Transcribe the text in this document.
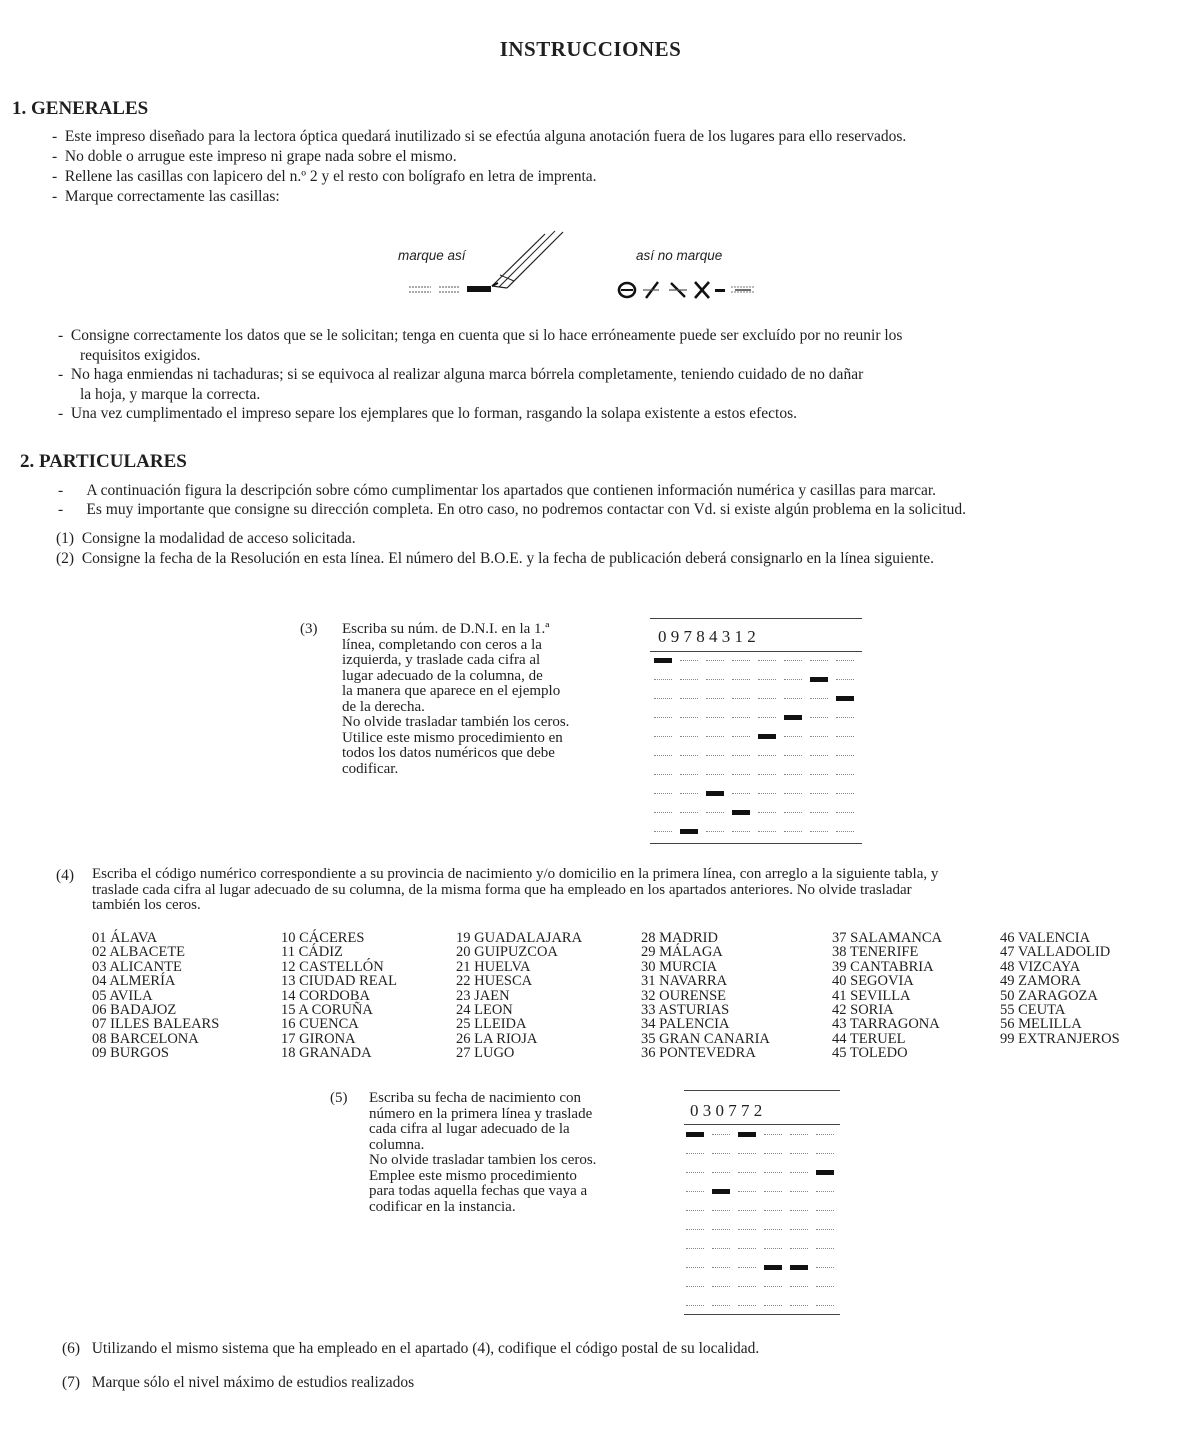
INSTRUCCIONES
1. GENERALES
-  Este impreso diseñado para la lectora óptica quedará inutilizado si se efectúa alguna anotación fuera de los lugares para ello reservados.
-  No doble o arrugue este impreso ni grape nada sobre el mismo.
-  Rellene las casillas con lapicero del n.º 2 y el resto con bolígrafo en letra de imprenta.
-  Marque correctamente las casillas:
marque así	así no marque
-  Consigne correctamente los datos que se le solicitan; tenga en cuenta que si lo hace erróneamente puede ser excluído por no reunir los
requisitos exigidos.
-  No haga enmiendas ni tachaduras; si se equivoca al realizar alguna marca bórrela completamente, teniendo cuidado de no dañar
la hoja, y marque la correcta.
-  Una vez cumplimentado el impreso separe los ejemplares que lo forman, rasgando la solapa existente a estos efectos.
2. PARTICULARES
-      A continuación figura la descripción sobre cómo cumplimentar los apartados que contienen información numérica y casillas para marcar.
-      Es muy importante que consigne su dirección completa. En otro caso, no podremos contactar con Vd. si existe algún problema en la solicitud.
(1) Consigne la modalidad de acceso solicitada.
(2) Consigne la fecha de la Resolución en esta línea. El número del B.O.E. y la fecha de publicación deberá consignarlo en la línea siguiente.
(3) Escriba su núm. de D.N.I. en la 1.ª
línea, completando con ceros a la
izquierda, y traslade cada cifra al
lugar adecuado de la columna, de
la manera que aparece en el ejemplo
de la derecha.
No olvide trasladar también los ceros.
Utilice este mismo procedimiento en
todos los datos numéricos que debe
codificar.
0 9 7 8 4 3 1 2
(4) Escriba el código numérico correspondiente a su provincia de nacimiento y/o domicilio en la primera línea, con arreglo a la siguiente tabla, y
traslade cada cifra al lugar adecuado de su columna, de la misma forma que ha empleado en los apartados anteriores. No olvide trasladar
también los ceros.
01 ÁLAVA
02 ALBACETE
03 ALICANTE
04 ALMERÍA
05 AVILA
06 BADAJOZ
07 ILLES BALEARS
08 BARCELONA
09 BURGOS
10 CÁCERES
11 CÁDIZ
12 CASTELLÓN
13 CIUDAD REAL
14 CORDOBA
15 A CORUÑA
16 CUENCA
17 GIRONA
18 GRANADA
19 GUADALAJARA
20 GUIPUZCOA
21 HUELVA
22 HUESCA
23 JAEN
24 LEON
25 LLEIDA
26 LA RIOJA
27 LUGO
28 MADRID
29 MÁLAGA
30 MURCIA
31 NAVARRA
32 OURENSE
33 ASTURIAS
34 PALENCIA
35 GRAN CANARIA
36 PONTEVEDRA
37 SALAMANCA
38 TENERIFE
39 CANTABRIA
40 SEGOVIA
41 SEVILLA
42 SORIA
43 TARRAGONA
44 TERUEL
45 TOLEDO
46 VALENCIA
47 VALLADOLID
48 VIZCAYA
49 ZAMORA
50 ZARAGOZA
55 CEUTA
56 MELILLA
99 EXTRANJEROS
(5) Escriba su fecha de nacimiento con
número en la primera línea y traslade
cada cifra al lugar adecuado de la
columna.
No olvide trasladar tambien los ceros.
Emplee este mismo procedimiento
para todas aquella fechas que vaya a
codificar en la instancia.
0 3 0 7 7 2
(6) Utilizando el mismo sistema que ha empleado en el apartado (4), codifique el código postal de su localidad.
(7) Marque sólo el nivel máximo de estudios realizados
